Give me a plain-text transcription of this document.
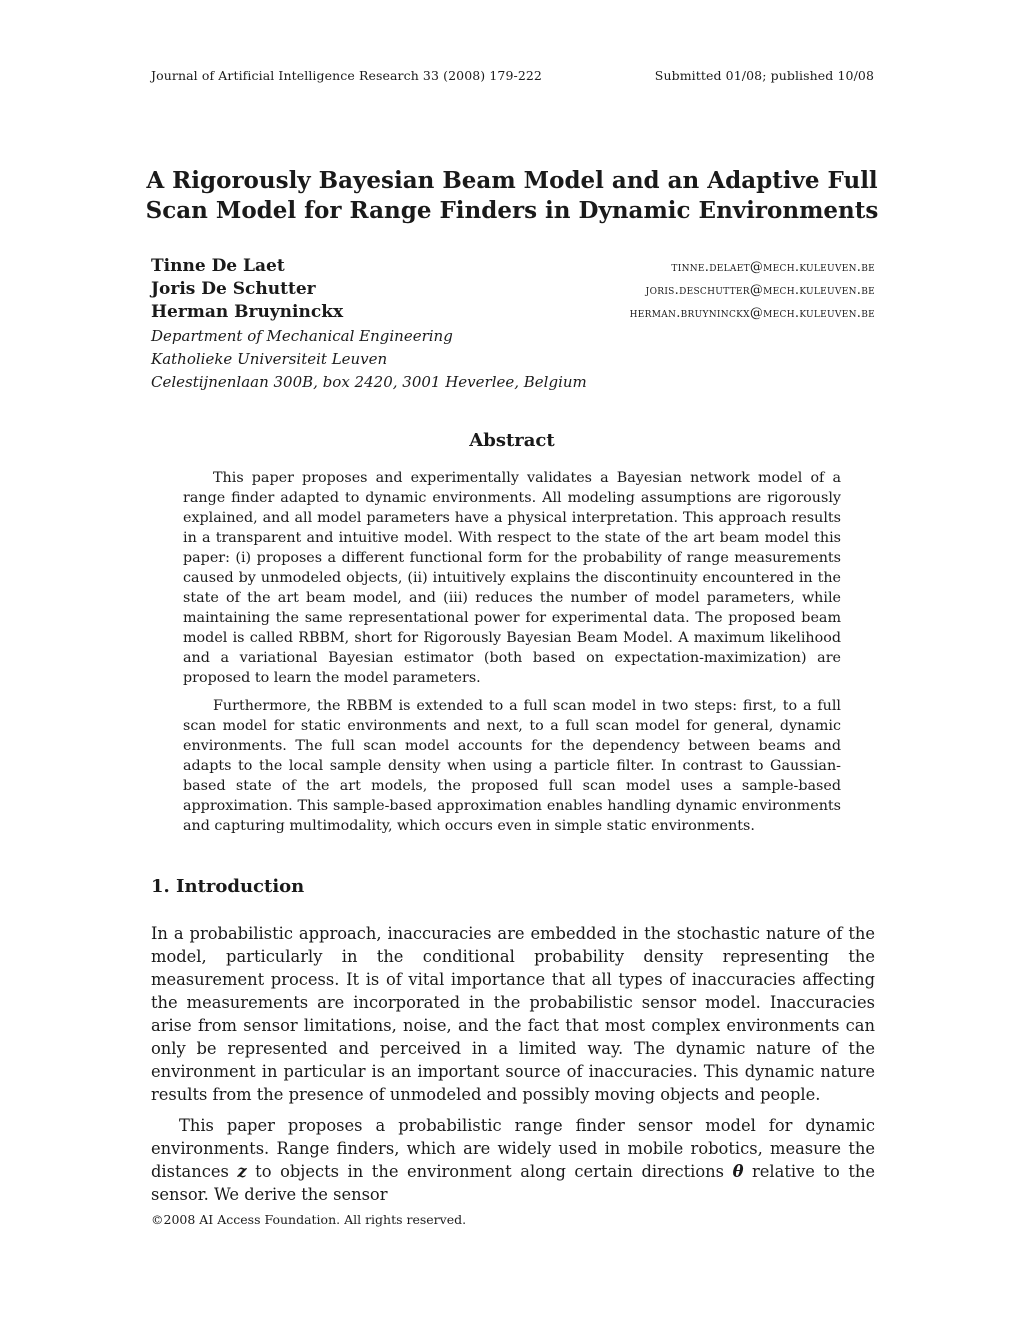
Journal of Artificial Intelligence Research 33 (2008) 179-222	Submitted 01/08; published 10/08
A Rigorously Bayesian Beam Model and an Adaptive Full
Scan Model for Range Finders in Dynamic Environments
Tinne De Laet	tinne.delaet@mech.kuleuven.be
Joris De Schutter	joris.deschutter@mech.kuleuven.be
Herman Bruyninckx	herman.bruyninckx@mech.kuleuven.be
Department of Mechanical Engineering
Katholieke Universiteit Leuven
Celestijnenlaan 300B, box 2420, 3001 Heverlee, Belgium
Abstract

This paper proposes and experimentally validates a Bayesian network model of a range finder adapted to dynamic environments. All modeling assumptions are rigorously explained, and all model parameters have a physical interpretation. This approach results in a transparent and intuitive model. With respect to the state of the art beam model this paper: (i) proposes a different functional form for the probability of range measurements caused by unmodeled objects, (ii) intuitively explains the discontinuity encountered in the state of the art beam model, and (iii) reduces the number of model parameters, while maintaining the same representational power for experimental data. The proposed beam model is called RBBM, short for Rigorously Bayesian Beam Model. A maximum likelihood and a variational Bayesian estimator (both based on expectation-maximization) are proposed to learn the model parameters.

Furthermore, the RBBM is extended to a full scan model in two steps: first, to a full scan model for static environments and next, to a full scan model for general, dynamic environments. The full scan model accounts for the dependency between beams and adapts to the local sample density when using a particle filter. In contrast to Gaussian-based state of the art models, the proposed full scan model uses a sample-based approximation. This sample-based approximation enables handling dynamic environments and capturing multimodality, which occurs even in simple static environments.

1. Introduction

In a probabilistic approach, inaccuracies are embedded in the stochastic nature of the model, particularly in the conditional probability density representing the measurement process. It is of vital importance that all types of inaccuracies affecting the measurements are incorporated in the probabilistic sensor model. Inaccuracies arise from sensor limitations, noise, and the fact that most complex environments can only be represented and perceived in a limited way. The dynamic nature of the environment in particular is an important source of inaccuracies. This dynamic nature results from the presence of unmodeled and possibly moving objects and people.

This paper proposes a probabilistic range finder sensor model for dynamic environments. Range finders, which are widely used in mobile robotics, measure the distances z to objects in the environment along certain directions θ relative to the sensor. We derive the sensor

©2008 AI Access Foundation. All rights reserved.
